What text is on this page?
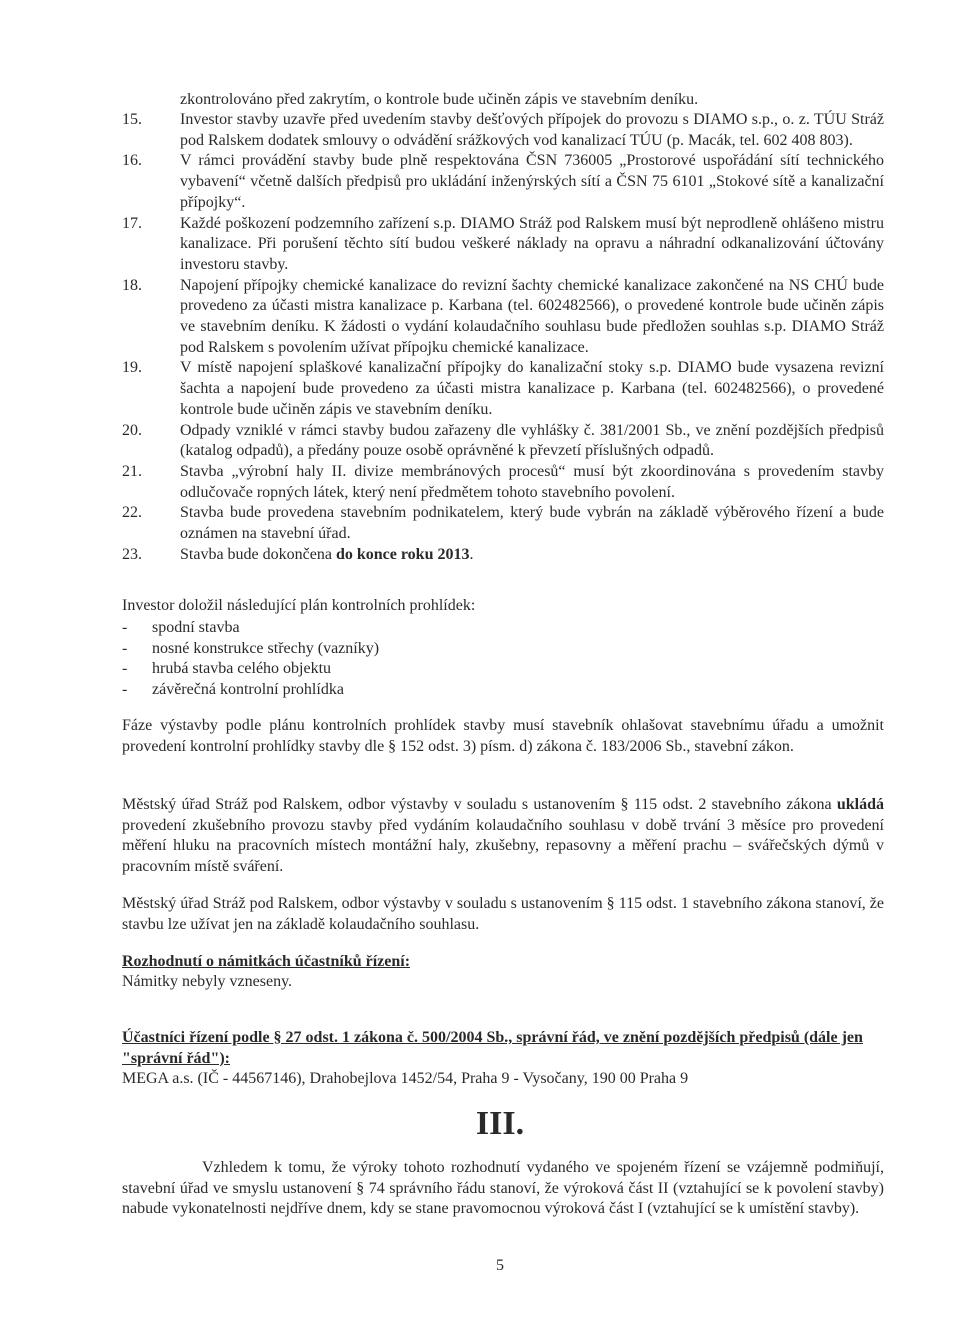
zkontrolováno před zakrytím, o kontrole bude učiněn zápis ve stavebním deníku.

15.	Investor stavby uzavře před uvedením stavby dešťových přípojek do provozu s DIAMO s.p., o. z. TÚU Stráž pod Ralskem dodatek smlouvy o odvádění srážkových vod kanalizací TÚU (p. Macák, tel. 602 408 803).
16.	V rámci provádění stavby bude plně respektována ČSN 736005 „Prostorové uspořádání sítí technického vybavení“ včetně dalších předpisů pro ukládání inženýrských sítí a ČSN 75 6101 „Stokové sítě a kanalizační přípojky“.
17.	Každé poškození podzemního zařízení s.p. DIAMO Stráž pod Ralskem musí být neprodleně ohlášeno mistru kanalizace. Při porušení těchto sítí budou veškeré náklady na opravu a náhradní odkanalizování účtovány investoru stavby.
18.	Napojení přípojky chemické kanalizace do revizní šachty chemické kanalizace zakončené na NS CHÚ bude provedeno za účasti mistra kanalizace p. Karbana (tel. 602482566), o provedené kontrole bude učiněn zápis ve stavebním deníku. K žádosti o vydání kolaudačního souhlasu bude předložen souhlas s.p. DIAMO Stráž pod Ralskem s povolením užívat přípojku chemické kanalizace.
19.	V místě napojení splaškové kanalizační přípojky do kanalizační stoky s.p. DIAMO bude vysazena revizní šachta a napojení bude provedeno za účasti mistra kanalizace p. Karbana (tel. 602482566), o provedené kontrole bude učiněn zápis ve stavebním deníku.
20.	Odpady vzniklé v rámci stavby budou zařazeny dle vyhlášky č. 381/2001 Sb., ve znění pozdějších předpisů (katalog odpadů), a předány pouze osobě oprávněné k převzetí příslušných odpadů.
21.	Stavba „výrobní haly II. divize membránových procesů“ musí být zkoordinována s provedením stavby odlučovače ropných látek, který není předmětem tohoto stavebního povolení.
22.	Stavba bude provedena stavebním podnikatelem, který bude vybrán na základě výběrového řízení a bude oznámen na stavební úřad.
23.	Stavba bude dokončena do konce roku 2013.

Investor doložil následující plán kontrolních prohlídek:

-	spodní stavba
-	nosné konstrukce střechy (vazníky)
-	hrubá stavba celého objektu
-	závěrečná kontrolní prohlídka

Fáze výstavby podle plánu kontrolních prohlídek stavby musí stavebník ohlašovat stavebnímu úřadu a umožnit provedení kontrolní prohlídky stavby dle § 152 odst. 3) písm. d) zákona č. 183/2006 Sb., stavební zákon.

Městský úřad Stráž pod Ralskem, odbor výstavby v souladu s ustanovením § 115 odst. 2 stavebního zákona ukládá provedení zkušebního provozu stavby před vydáním kolaudačního souhlasu v době trvání 3 měsíce pro provedení měření hluku na pracovních místech montážní haly, zkušebny, repasovny a měření prachu – svářečských dýmů v pracovním místě sváření.

Městský úřad Stráž pod Ralskem, odbor výstavby v souladu s ustanovením § 115 odst. 1 stavebního zákona stanoví, že stavbu lze užívat jen na základě kolaudačního souhlasu.

Rozhodnutí o námitkách účastníků řízení:

Námitky nebyly vzneseny.

Účastníci řízení podle § 27 odst. 1 zákona č. 500/2004 Sb., správní řád, ve znění pozdějších předpisů (dále jen "správní řád"):

MEGA a.s. (IČ - 44567146), Drahobejlova 1452/54, Praha 9 - Vysočany, 190 00 Praha 9

III.

Vzhledem k tomu, že výroky tohoto rozhodnutí vydaného ve spojeném řízení se vzájemně podmiňují, stavební úřad ve smyslu ustanovení § 74 správního řádu stanoví, že výroková část II (vztahující se k povolení stavby) nabude vykonatelnosti nejdříve dnem, kdy se stane pravomocnou výroková část I (vztahující se k umístění stavby).

5
